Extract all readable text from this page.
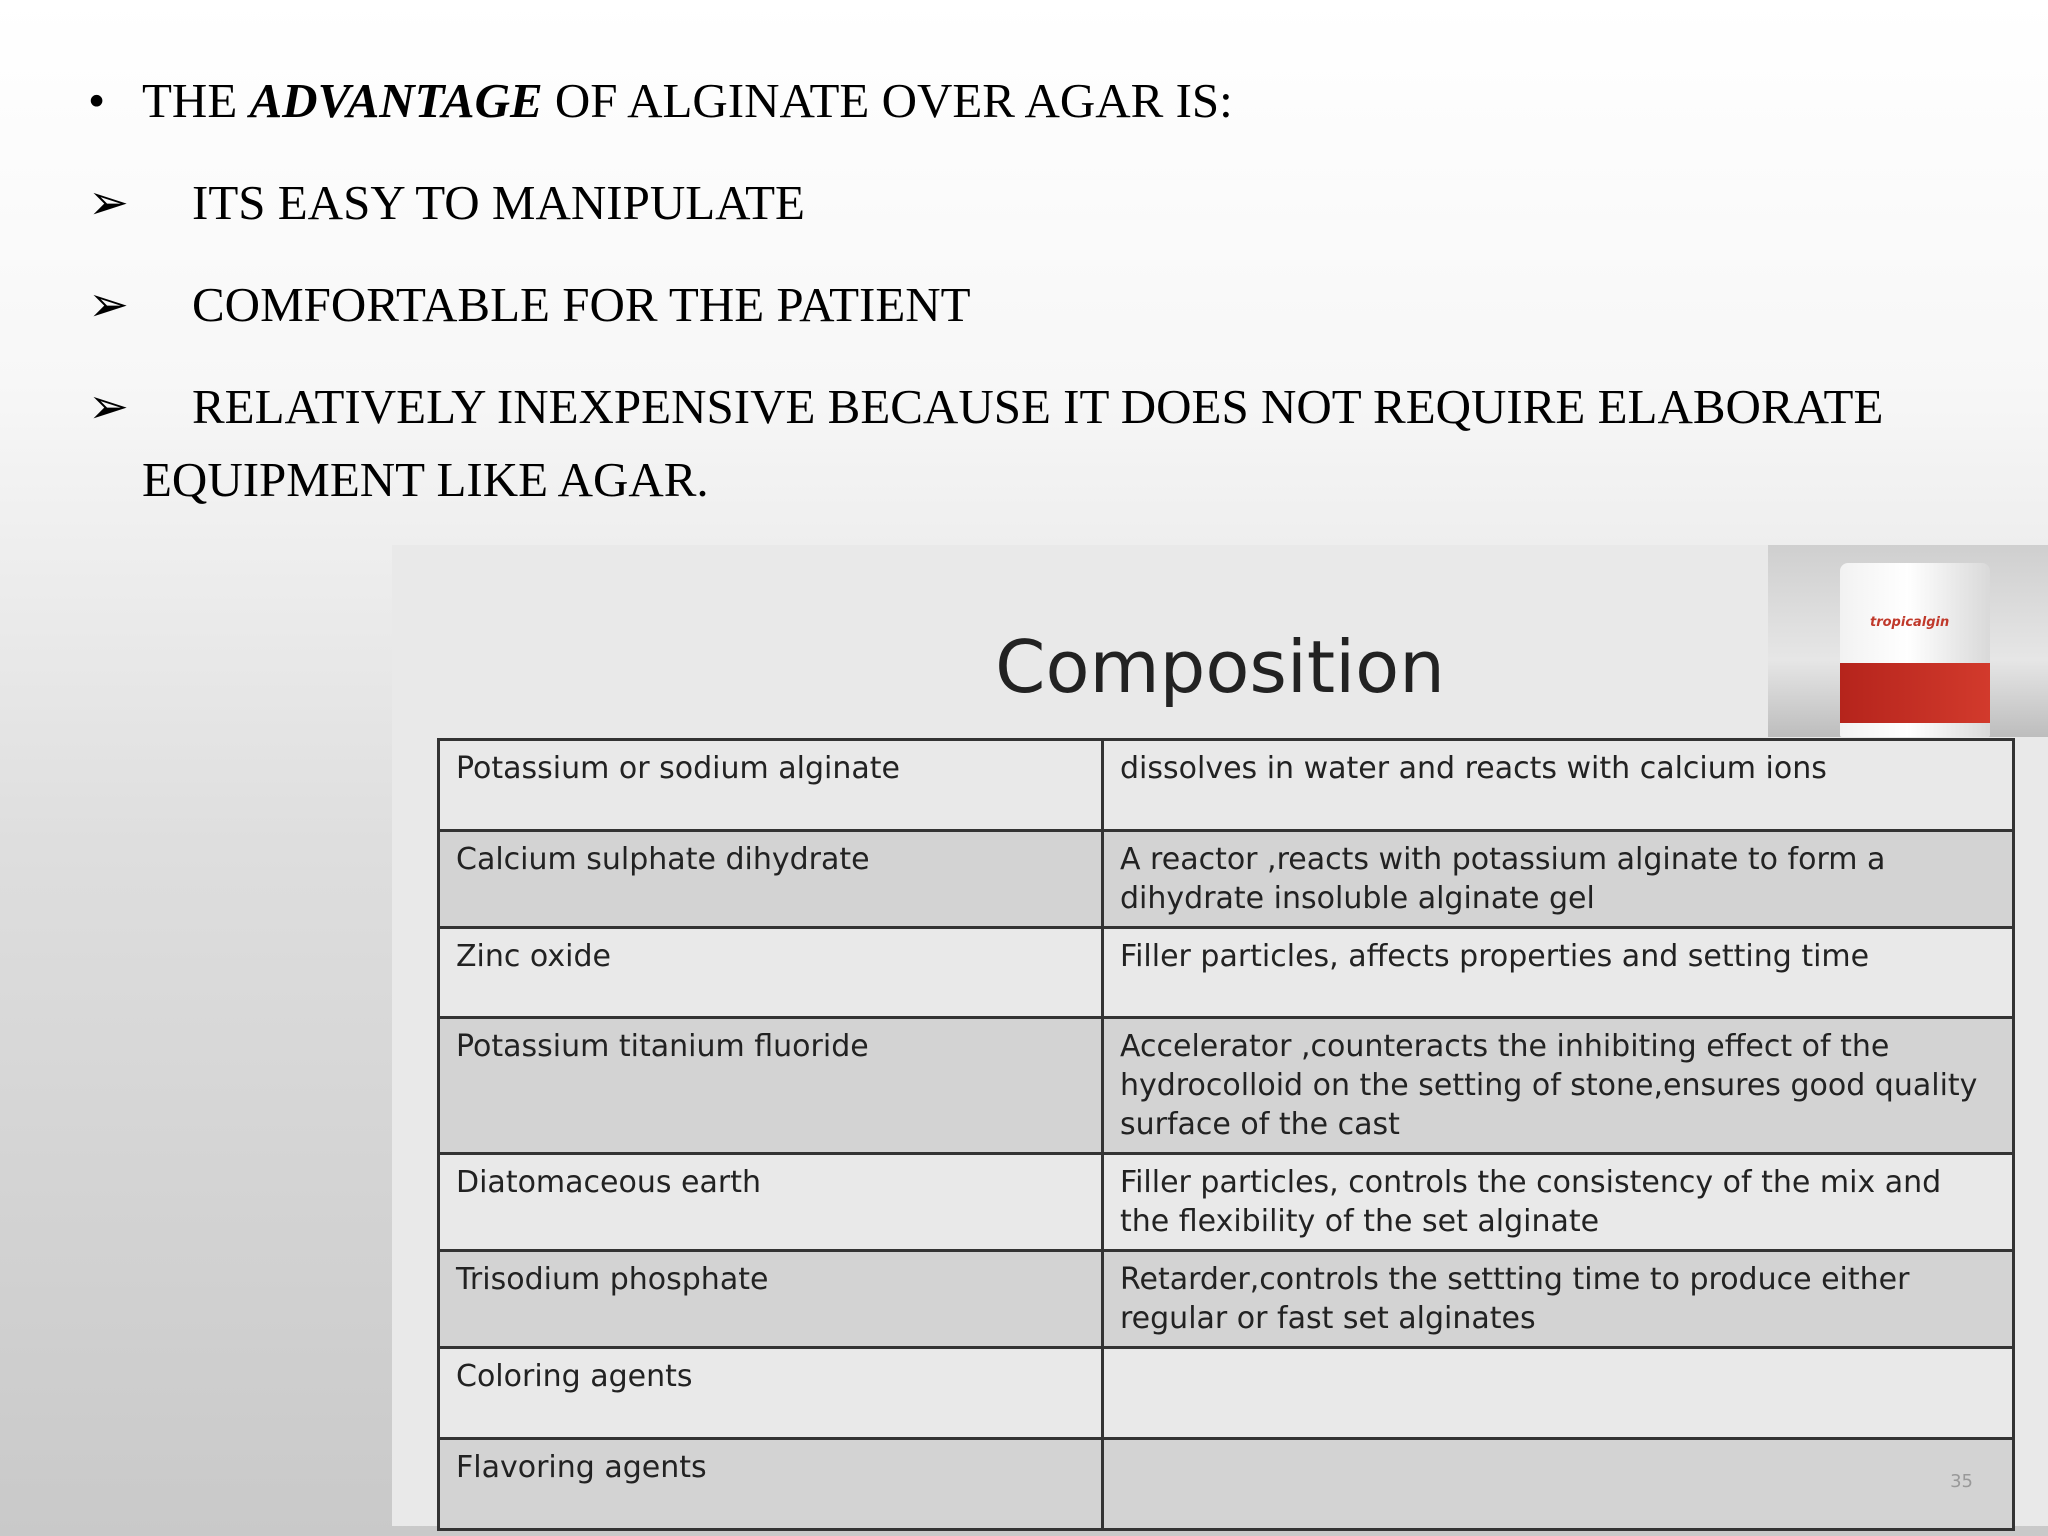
• THE ADVANTAGE OF ALGINATE OVER AGAR IS:
➢ ITS EASY TO MANIPULATE
➢ COMFORTABLE FOR THE PATIENT
➢ RELATIVELY INEXPENSIVE BECAUSE IT DOES NOT REQUIRE ELABORATE
EQUIPMENT LIKE AGAR.
Composition
tropicalgin
Potassium or sodium alginate	dissolves in water and reacts with calcium ions
Calcium sulphate dihydrate	A reactor ,reacts with potassium alginate to form a dihydrate insoluble alginate gel
Zinc oxide	Filler particles, affects properties and setting time
Potassium titanium fluoride	Accelerator ,counteracts the inhibiting effect of the hydrocolloid on the setting of stone,ensures good quality surface of the cast
Diatomaceous earth	Filler particles, controls the consistency of the mix and the flexibility of the set alginate
Trisodium phosphate	Retarder,controls the settting time to produce either regular or fast set alginates
Coloring agents	
Flavoring agents		35
